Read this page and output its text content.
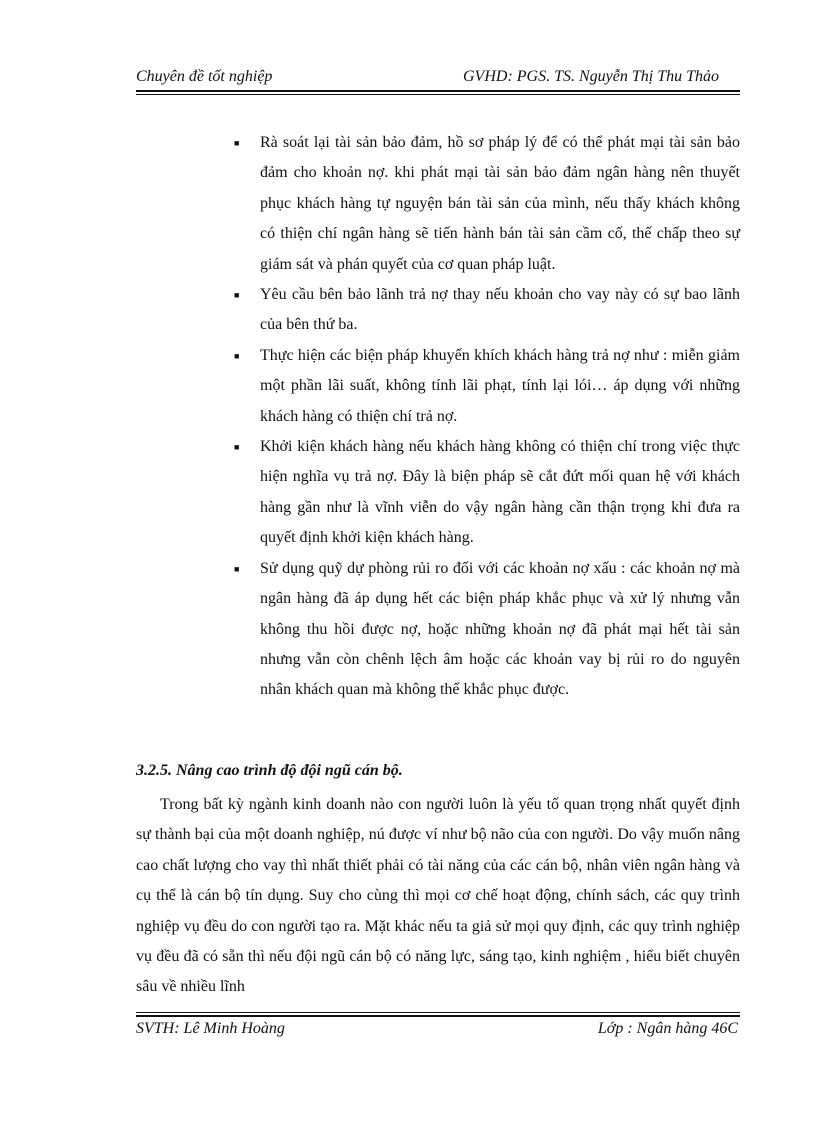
Chuyên đề tốt nghiệp	GVHD: PGS. TS. Nguyễn Thị Thu Thảo
■ Rà soát lại tài sản bảo đảm, hồ sơ pháp lý để có thể phát mại tài sản bảo đảm cho khoản nợ. khi phát mại tài sản bảo đảm ngân hàng nên thuyết phục khách hàng tự nguyện bán tài sản của mình, nếu thấy khách không có thiện chí ngân hàng sẽ tiến hành bán tài sản cầm cố, thế chấp theo sự giám sát và phán quyết của cơ quan pháp luật.
■ Yêu cầu bên bảo lãnh trả nợ thay nếu khoản cho vay này có sự bao lãnh của bên thứ ba.
■ Thực hiện các biện pháp khuyến khích khách hàng trả nợ như : miễn giảm một phần lãi suất, không tính lãi phạt, tính lại lói… áp dụng với những khách hàng có thiện chí trả nợ.
■ Khởi kiện khách hàng nếu khách hàng không có thiện chí trong việc thực hiện nghĩa vụ trả nợ. Đây là biện pháp sẽ cắt đứt mối quan hệ với khách hàng gần như là vĩnh viễn do vậy ngân hàng cần thận trọng khi đưa ra quyết định khởi kiện khách hàng.
■ Sử dụng quỹ dự phòng rủi ro đối với các khoản nợ xấu : các khoản nợ mà ngân hàng đã áp dụng hết các biện pháp khắc phục và xử lý nhưng vẫn không thu hồi được nợ, hoặc những khoản nợ đã phát mại hết tài sản nhưng vẫn còn chênh lệch âm hoặc các khoản vay bị rủi ro do nguyên nhân khách quan mà không thể khắc phục được.
3.2.5. Nâng cao trình độ đội ngũ cán bộ.
Trong bất kỳ ngành kinh doanh nào con người luôn là yếu tố quan trọng nhất quyết định sự thành bại của một doanh nghiệp, nú được ví như bộ não của con người. Do vậy muốn nâng cao chất lượng cho vay thì nhất thiết phải có tài năng của các cán bộ, nhân viên ngân hàng và cụ thể là cán bộ tín dụng. Suy cho cùng thì mọi cơ chế hoạt động, chính sách, các quy trình nghiệp vụ đều do con người tạo ra. Mặt khác nếu ta giả sử mọi quy định, các quy trình nghiệp vụ đều đã có sẵn thì nếu đội ngũ cán bộ có năng lực, sáng tạo, kinh nghiệm , hiểu biết chuyên sâu về nhiều lĩnh
SVTH: Lê Minh Hoàng	Lớp : Ngân hàng 46C
